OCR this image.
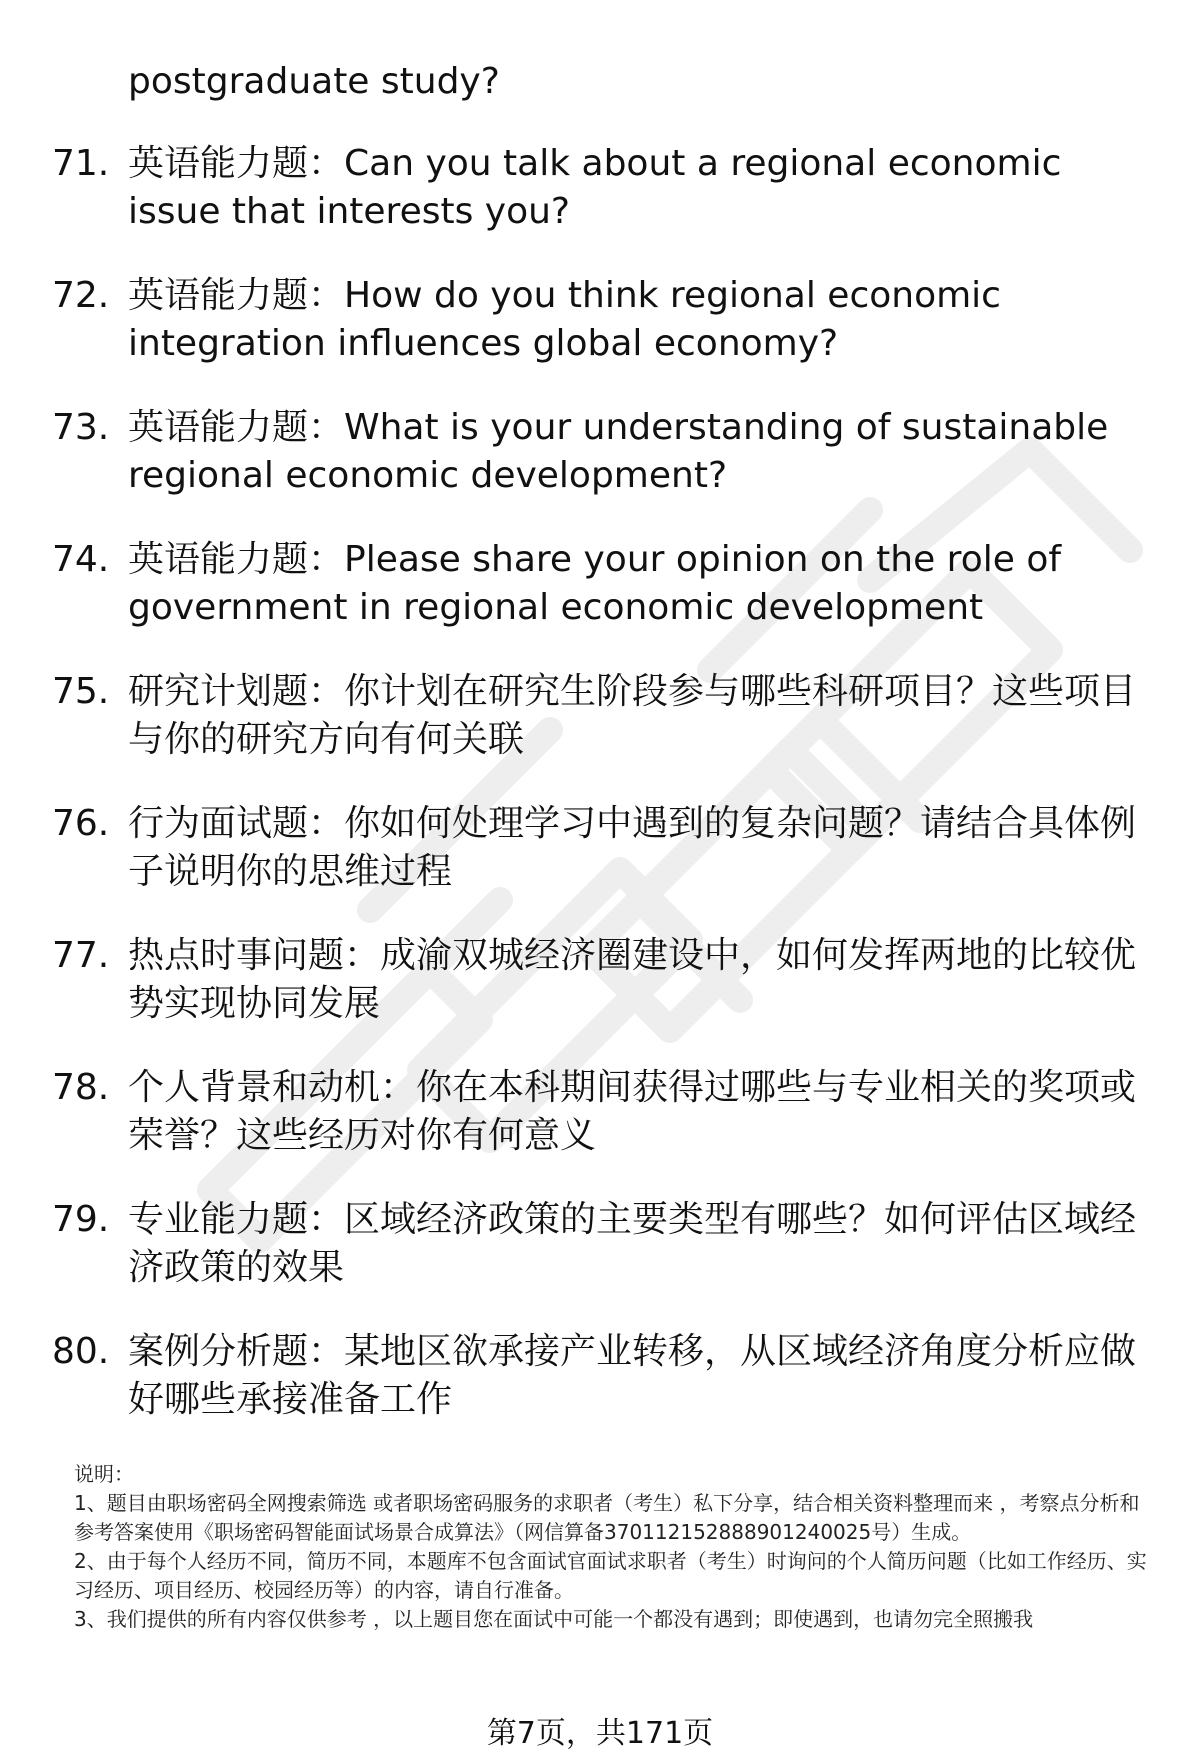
postgraduate study?
71. 英语能力题：Can you talk about a regional economic issue that interests you?
72. 英语能力题：How do you think regional economic integration influences global economy?
73. 英语能力题：What is your understanding of sustainable regional economic development?
74. 英语能力题：Please share your opinion on the role of government in regional economic development
75. 研究计划题：你计划在研究生阶段参与哪些科研项目？这些项目与你的研究方向有何关联
76. 行为面试题：你如何处理学习中遇到的复杂问题？请结合具体例子说明你的思维过程
77. 热点时事问题：成渝双城经济圈建设中，如何发挥两地的比较优势实现协同发展
78. 个人背景和动机：你在本科期间获得过哪些与专业相关的奖项或荣誉？这些经历对你有何意义
79. 专业能力题：区域经济政策的主要类型有哪些？如何评估区域经济政策的效果
80. 案例分析题：某地区欲承接产业转移，从区域经济角度分析应做好哪些承接准备工作

说明：

1、题目由职场密码全网搜索筛选 或者职场密码服务的求职者（考生）私下分享，结合相关资料整理而来 ，考察点分析和参考答案使用《职场密码智能面试场景合成算法》（网信算备370112152888901240025号）生成。

2、由于每个人经历不同，简历不同，本题库不包含面试官面试求职者（考生）时询问的个人简历问题（比如工作经历、实习经历、项目经历、校园经历等）的内容，请自行准备。

3、我们提供的所有内容仅供参考 ，以上题目您在面试中可能一个都没有遇到；即使遇到，也请勿完全照搬我

第7页，共171页
